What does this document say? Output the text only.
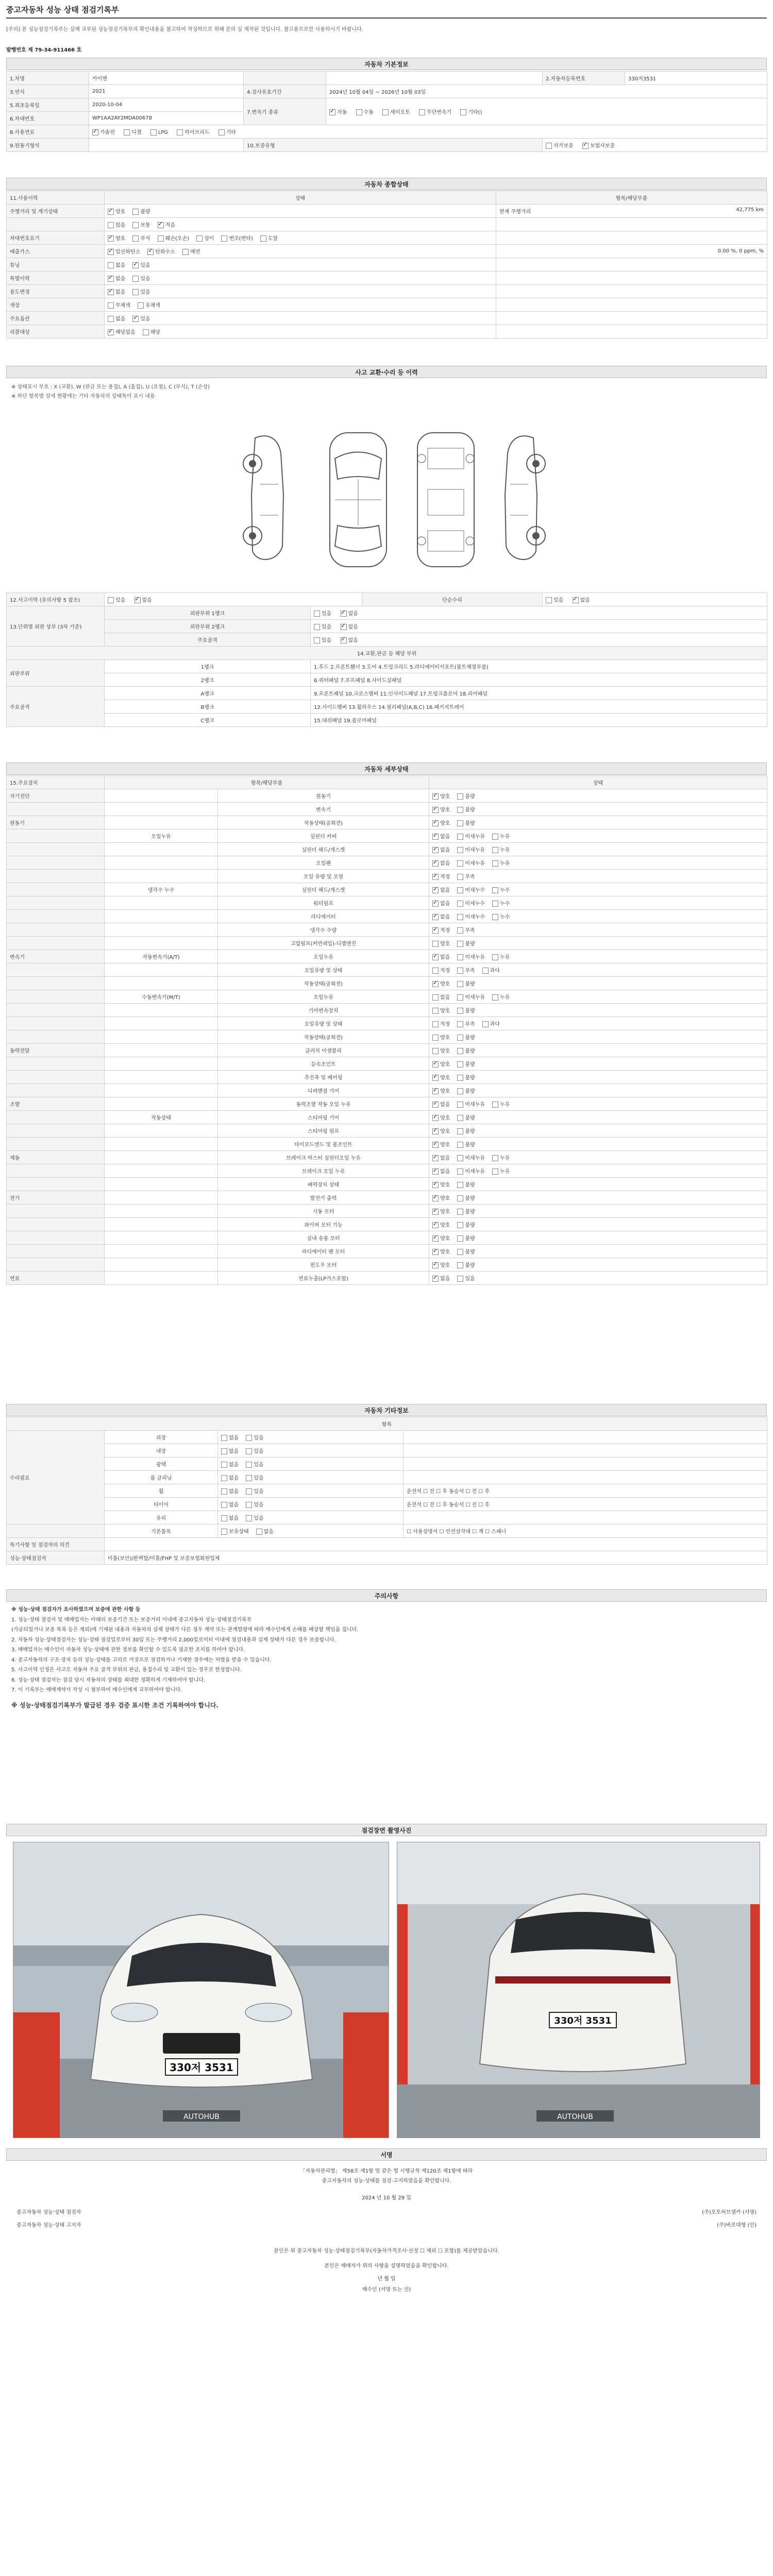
중고자동차 성능 상태 점검기록부
[주의] 본 성능점검기록부는 실제 교부된 성능점검기록부의 확인내용을 참고하여 작성하므로 위해 문의 실 제작된 것입니다. 참고용으로만 사용하시기 바랍니다.
발행번호 제 79-34-911466 호
자동차 기본정보
1.차명	카이엔			2.자동차등록번호	330저3531
3.연식	2021	4.검사유효기간	2024년 10월 04일 ~ 2026년 10월 03일		
5.최초등록일	2020-10-04	7.변속기 종류	✓자동 수동 세미오토 무단변속기 기타()
6.차대번호	WP1AA2AY2MDA00678				
8.사용연료	✓가솔린 디젤 LPG 하이브리드 기타
9.원동기형식		10.보증유형		자가보증 ✓ 보험사보증
자동차 종합상태
11.사용이력	상태	항목/해당부품
주행거리 및 계기상태	✓양호 불량	현재 주행거리 42,775 km

	많음 보통 ✓ 적음	

차대번호표기	✓양호 부식 훼손(오손) 상이 변조(변타) 도말	

배출가스	✓일산화탄소 ✓ 탄화수소 매연	0.00 %, 0 ppm, %

튜닝	없음 ✓ 있음	

특별이력	✓없음 있음	

용도변경	✓없음 있음	

색상	무채색 유채색	

주요옵션	없음 ✓ 있음	

리콜대상	✓해당없음 해당	
사고 교환·수리 등 이력
※ 상태표시 부호 : X (교환), W (판금 또는 용접), A (흠집), U (요철), C (부식), T (손상)
※ 하단 항목별 상세 현황에는 기타 자동차의 상태특이 표시 내용
12.사고이력 (유의사항 5 참조)	있음 ✓ 없음		단순수리	있음 ✓ 없음
13.단위별 외판 상부 (3차 기준)	외판부위 1랭크	있음 ✓ 없음
	외판부위 2랭크	있음 ✓ 없음
	주요골격	있음 ✓ 없음
14.교환,판금 등 해당 부위				
외판부위	1랭크	1.후드 2.프론트휀더 3.도어 4.트렁크리드 5.라디에이터서포트(볼트체결부품)		
	2랭크	6.쿼터패널 7.루프패널 8.사이드실패널		
주요골격	A랭크	9.프론트패널 10.크로스멤버 11.인사이드패널 17.트렁크플로어 18.리어패널		
	B랭크	12.사이드멤버 13.휠하우스 14.필러패널(A,B,C) 16.패키지트레이		
	C랭크	15.대쉬패널 19.플로어패널		
자동차 세부상태
15.주요장치	항목/해당부품		상태
자기진단		원동기	✓양호 불량
		변속기	✓양호 불량
원동기		작동상태(공회전)	✓양호 불량
	오일누유	실린더 커버	✓없음 미세누유 누유
		실린더 헤드/개스켓	✓없음 미세누유 누유
		오일팬	✓없음 미세누유 누유
		오일 유량 및 오염	✓적정 부족
	냉각수 누수	실린더 헤드/개스켓	✓없음 미세누수 누수
		워터펌프	✓없음 미세누수 누수
		라디에이터	✓없음 미세누수 누수
		냉각수 수량	✓적정 부족
		고압펌프(커먼레일)-디젤엔진	양호 불량
변속기	자동변속기(A/T)	오일누유	✓없음 미세누유 누유
		오일유량 및 상태	적정 부족 과다
		작동상태(공회전)	✓양호 불량
	수동변속기(M/T)	오일누유	없음 미세누유 누유
		기어변속장치	양호 불량
		오일유량 및 상태	적정 부족 과다
		작동상태(공회전)	양호 불량
동력전달		클러치 어셈블리	양호 불량
		등속조인트	✓양호 불량
		추진축 및 베어링	✓양호 불량
		디퍼렌셜 기어	✓양호 불량
조향		동력조향 작동 오일 누유	✓없음 미세누유 누유
	작동상태	스티어링 기어	✓양호 불량
		스티어링 펌프	✓양호 불량
		타이로드엔드 및 볼조인트	✓양호 불량
제동		브레이크 마스터 실린더오일 누유	✓없음 미세누유 누유
		브레이크 오일 누유	✓없음 미세누유 누유
		배력장치 상태	✓양호 불량
전기		발전기 출력	✓양호 불량
		시동 모터	✓양호 불량
		와이퍼 모터 기능	✓양호 불량
		실내 송풍 모터	✓양호 불량
		라디에이터 팬 모터	✓양호 불량
		윈도우 모터	✓양호 불량
연료		연료누출(LP가스포함)	✓없음 있음
자동차 기타정보
항목			
수리필요	외장	없음 있음	
	내장	없음 있음	
	광택	없음 있음	
	룸 클리닝	없음 있음	
	휠	없음 있음	운전석 ☐ 전 ☐ 후 동승석 ☐ 전 ☐ 후
	타이어	없음 있음	운전석 ☐ 전 ☐ 후 동승석 ☐ 전 ☐ 후
	유리	없음 있음	
	기본품목	보유상태 없음	☐ 사용설명서 ☐ 안전삼각대 ☐ 잭 ☐ 스패너
특기사항 및 점검자의 의견			
성능·상태점검자	미흡(보안)/완벽함/미흡/FHP 및 보증보험회원업체		
주의사항

※ 성능·상태 점검자가 조사하였으며 보증에 관한 사항 등

1. 성능·상태 점검자 및 매매업자는 아래의 보증기간 또는 보증거리 이내에 중고자동차 성능·상태점검기록부

(가공되었거나 보증 목록 등은 제외)에 기재된 내용과 자동차의 실제 상태가 다른 경우 계약 또는 관계법령에 따라 매수인에게 손해를 배상할 책임을 집니다.

2. 자동차 성능·상태점검자는 성능·상태 점검일로부터 30일 또는 주행거리 2,000킬로미터 이내에 점검내용과 실제 상태가 다른 경우 보증합니다.

3. 매매업자는 매수인이 자동차 성능·상태에 관한 정보를 확인할 수 있도록 필요한 조치를 하여야 합니다.

4. 중고자동차의 구조·장치 등의 성능·상태를 고의로 거짓으로 점검하거나 기재한 경우에는 처벌을 받을 수 있습니다.

5. 사고이력 인정은 사고로 자동차 주요 골격 부위의 판금, 용접수리 및 교환이 있는 경우로 한정합니다.

6. 성능·상태 점검자는 점검 당시 자동차의 상태를 최대한 정확하게 기재하여야 합니다.

7. 이 기록부는 매매계약서 작성 시 첨부하여 매수인에게 교부하여야 합니다.

※ 성능·상태점검기록부가 발급된 경우 검증 표시한 조건 기록하여야 합니다.

점검장면 촬영사진
330저 3531
AUTOHUB
330저 3531
AUTOHUB
서명
「자동차관리법」 제58조 제1항 및 같은 법 시행규칙 제120조 제1항에 따라
중고자동차의 성능·상태를 점검·고지하였음을 확인합니다.
2024 년 10 월 29 일
중고자동차 성능·상태 점검자	(주)오토허브셀카 (서명)
중고자동차 성능·상태 고지자	(주)바로대형 (인)
본인은 위 중고자동차 성능·상태점검기록부(자동차가격조사·산정 ☐ 제외 ☐ 포함)를 제공받았습니다.
본인은 매매자가 위의 사항을 설명하였음을 확인합니다.
년 월 일
매수인 (서명 또는 인)
